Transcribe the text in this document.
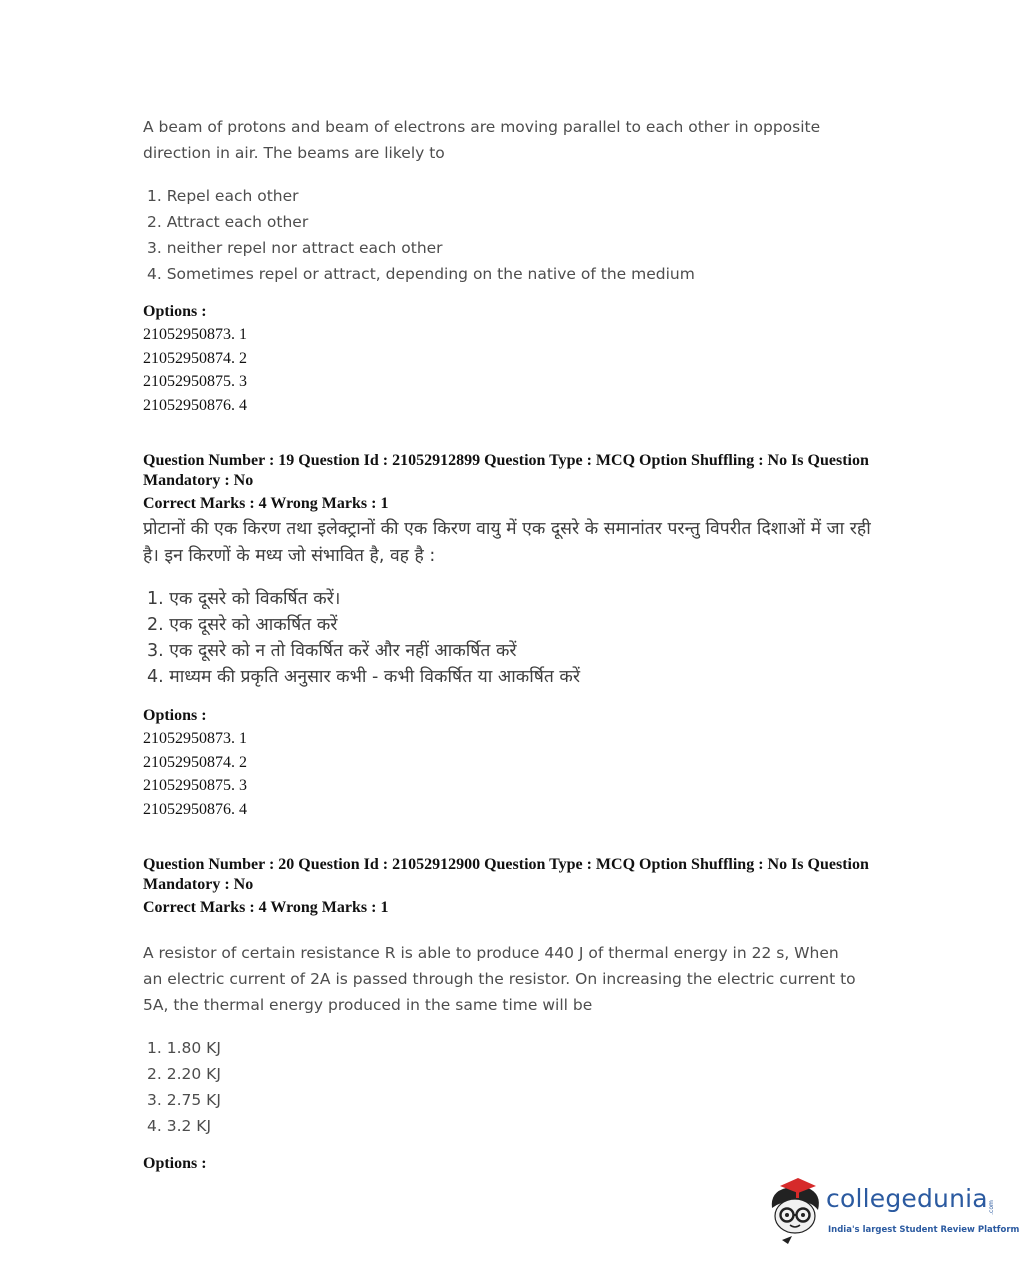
A beam of protons and beam of electrons are moving parallel to each other in opposite direction in air. The beams are likely to
1. Repel each other
2. Attract each other
3. neither repel nor attract each other
4. Sometimes repel or attract, depending on the native of the medium
Options :
21052950873. 1
21052950874. 2
21052950875. 3
21052950876. 4
Question Number : 19 Question Id : 21052912899 Question Type : MCQ Option Shuffling : No Is Question Mandatory : No
Correct Marks : 4 Wrong Marks : 1
प्रोटानों की एक किरण तथा इलेक्ट्रानों की एक किरण वायु में एक दूसरे के समानांतर परन्तु विपरीत दिशाओं में जा रही है। इन किरणों के मध्य जो संभावित है, वह है :
1. एक दूसरे को विकर्षित करें।
2. एक दूसरे को आकर्षित करें
3. एक दूसरे को न तो विकर्षित करें और नहीं आकर्षित करें
4. माध्यम की प्रकृति अनुसार कभी - कभी विकर्षित या आकर्षित करें
Options :
21052950873. 1
21052950874. 2
21052950875. 3
21052950876. 4
Question Number : 20 Question Id : 21052912900 Question Type : MCQ Option Shuffling : No Is Question Mandatory : No
Correct Marks : 4 Wrong Marks : 1
A resistor of certain resistance R is able to produce 440 J of thermal energy in 22 s, When an electric current of 2A is passed through the resistor. On increasing the electric current to 5A, the thermal energy produced in the same time will be
1. 1.80 KJ
2. 2.20 KJ
3. 2.75 KJ
4. 3.2 KJ
Options :
collegedunia .com
India's largest Student Review Platform
